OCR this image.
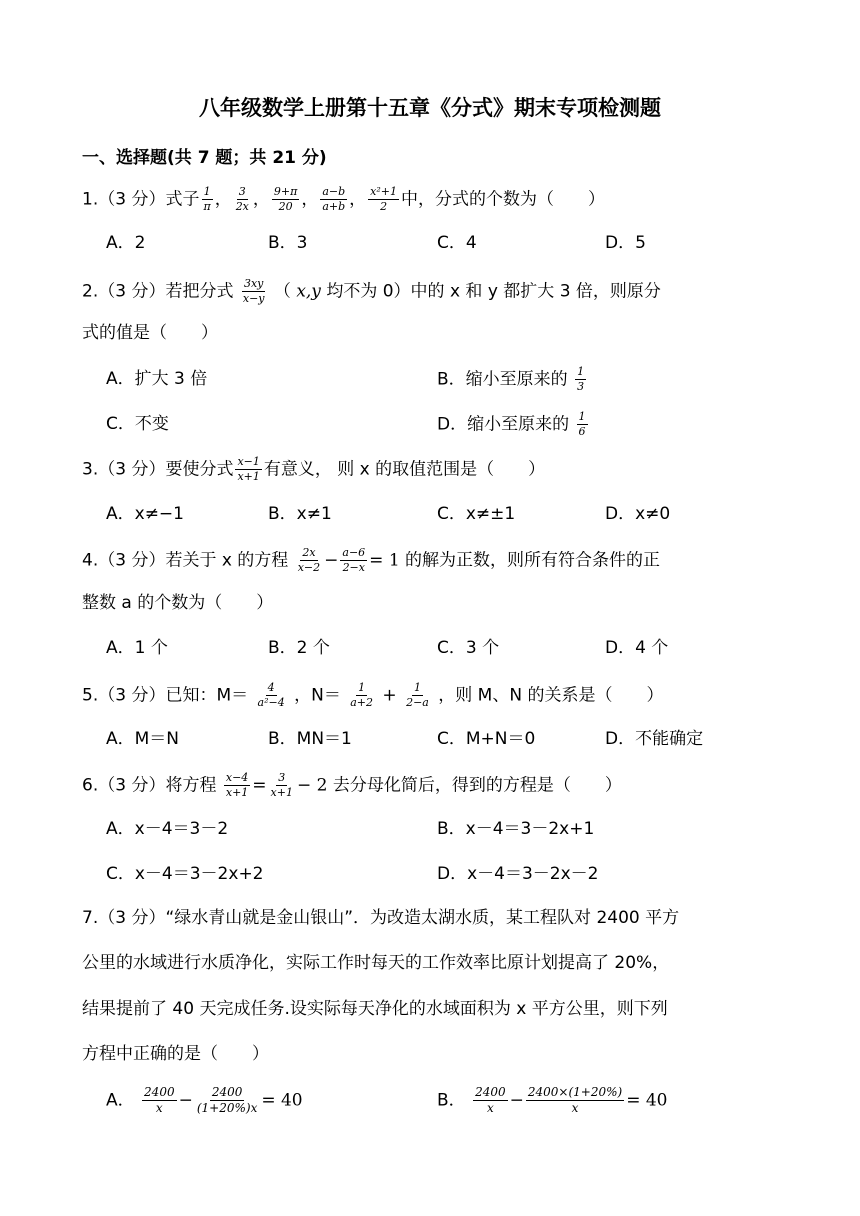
八年级数学上册第十五章《分式》期末专项检测题
一、选择题(共 7 题；共 21 分)
1.（3 分）式子 $\frac{1}{\pi}$ ， $\frac{3}{2x}$ ， $\frac{9+\pi}{20}$ ， $\frac{a-b}{a+b}$ ， $\frac{\text{x²+1}}{2}$ 中，分式的个数为（　　）
A．2	B．3	C．4	D．5
2.（3 分）若把分式 $\frac{3xy}{x-y}$ （ x,y 均不为 0）中的 x 和 y 都扩大 3 倍，则原分
式的值是（　　）
A．扩大 3 倍	B．缩小至原来的 $\frac{1}{3}$
C．不变	D．缩小至原来的 $\frac{1}{6}$
3.（3 分）要使分式 $\frac{x-1}{x+1}$ 有意义， 则 x 的取值范围是（　　）
A．x≠−1	B．x≠1	C．x≠±1	D．x≠0
4.（3 分）若关于 x 的方程 $\frac{2x}{x-2} - \frac{a-6}{2-x} = 1$ 的解为正数，则所有符合条件的正
整数 a 的个数为（　　）
A．1 个	B．2 个	C．3 个	D．4 个
5.（3 分）已知：$M= \frac{4}{\text{a²−4}}$ ，$N= \frac{1}{a+2} + \frac{1}{2-a}$ ，则 M、N 的关系是（　　）
A．M＝N	B．MN＝1	C．M+N＝0	D．不能确定
6.（3 分）将方程 $\frac{x-4}{x+1} = \frac{3}{x+1} - 2$ 去分母化简后，得到的方程是（　　）
A．x－4＝3－2	B．x－4＝3－2x+1
C．x－4＝3－2x+2	D．x－4＝3－2x－2
7.（3 分）“绿水青山就是金山银山”．为改造太湖水质，某工程队对 2400 平方
公里的水域进行水质净化，实际工作时每天的工作效率比原计划提高了 20%，
结果提前了 40 天完成任务.设实际每天净化的水域面积为 x 平方公里，则下列
方程中正确的是（　　）
A． $\frac{2400}{x} - \frac{2400}{(1+20\%)x} = 40$	B． $\frac{2400}{x} - \frac{2400\times(1+20\%)}{x} = 40$
